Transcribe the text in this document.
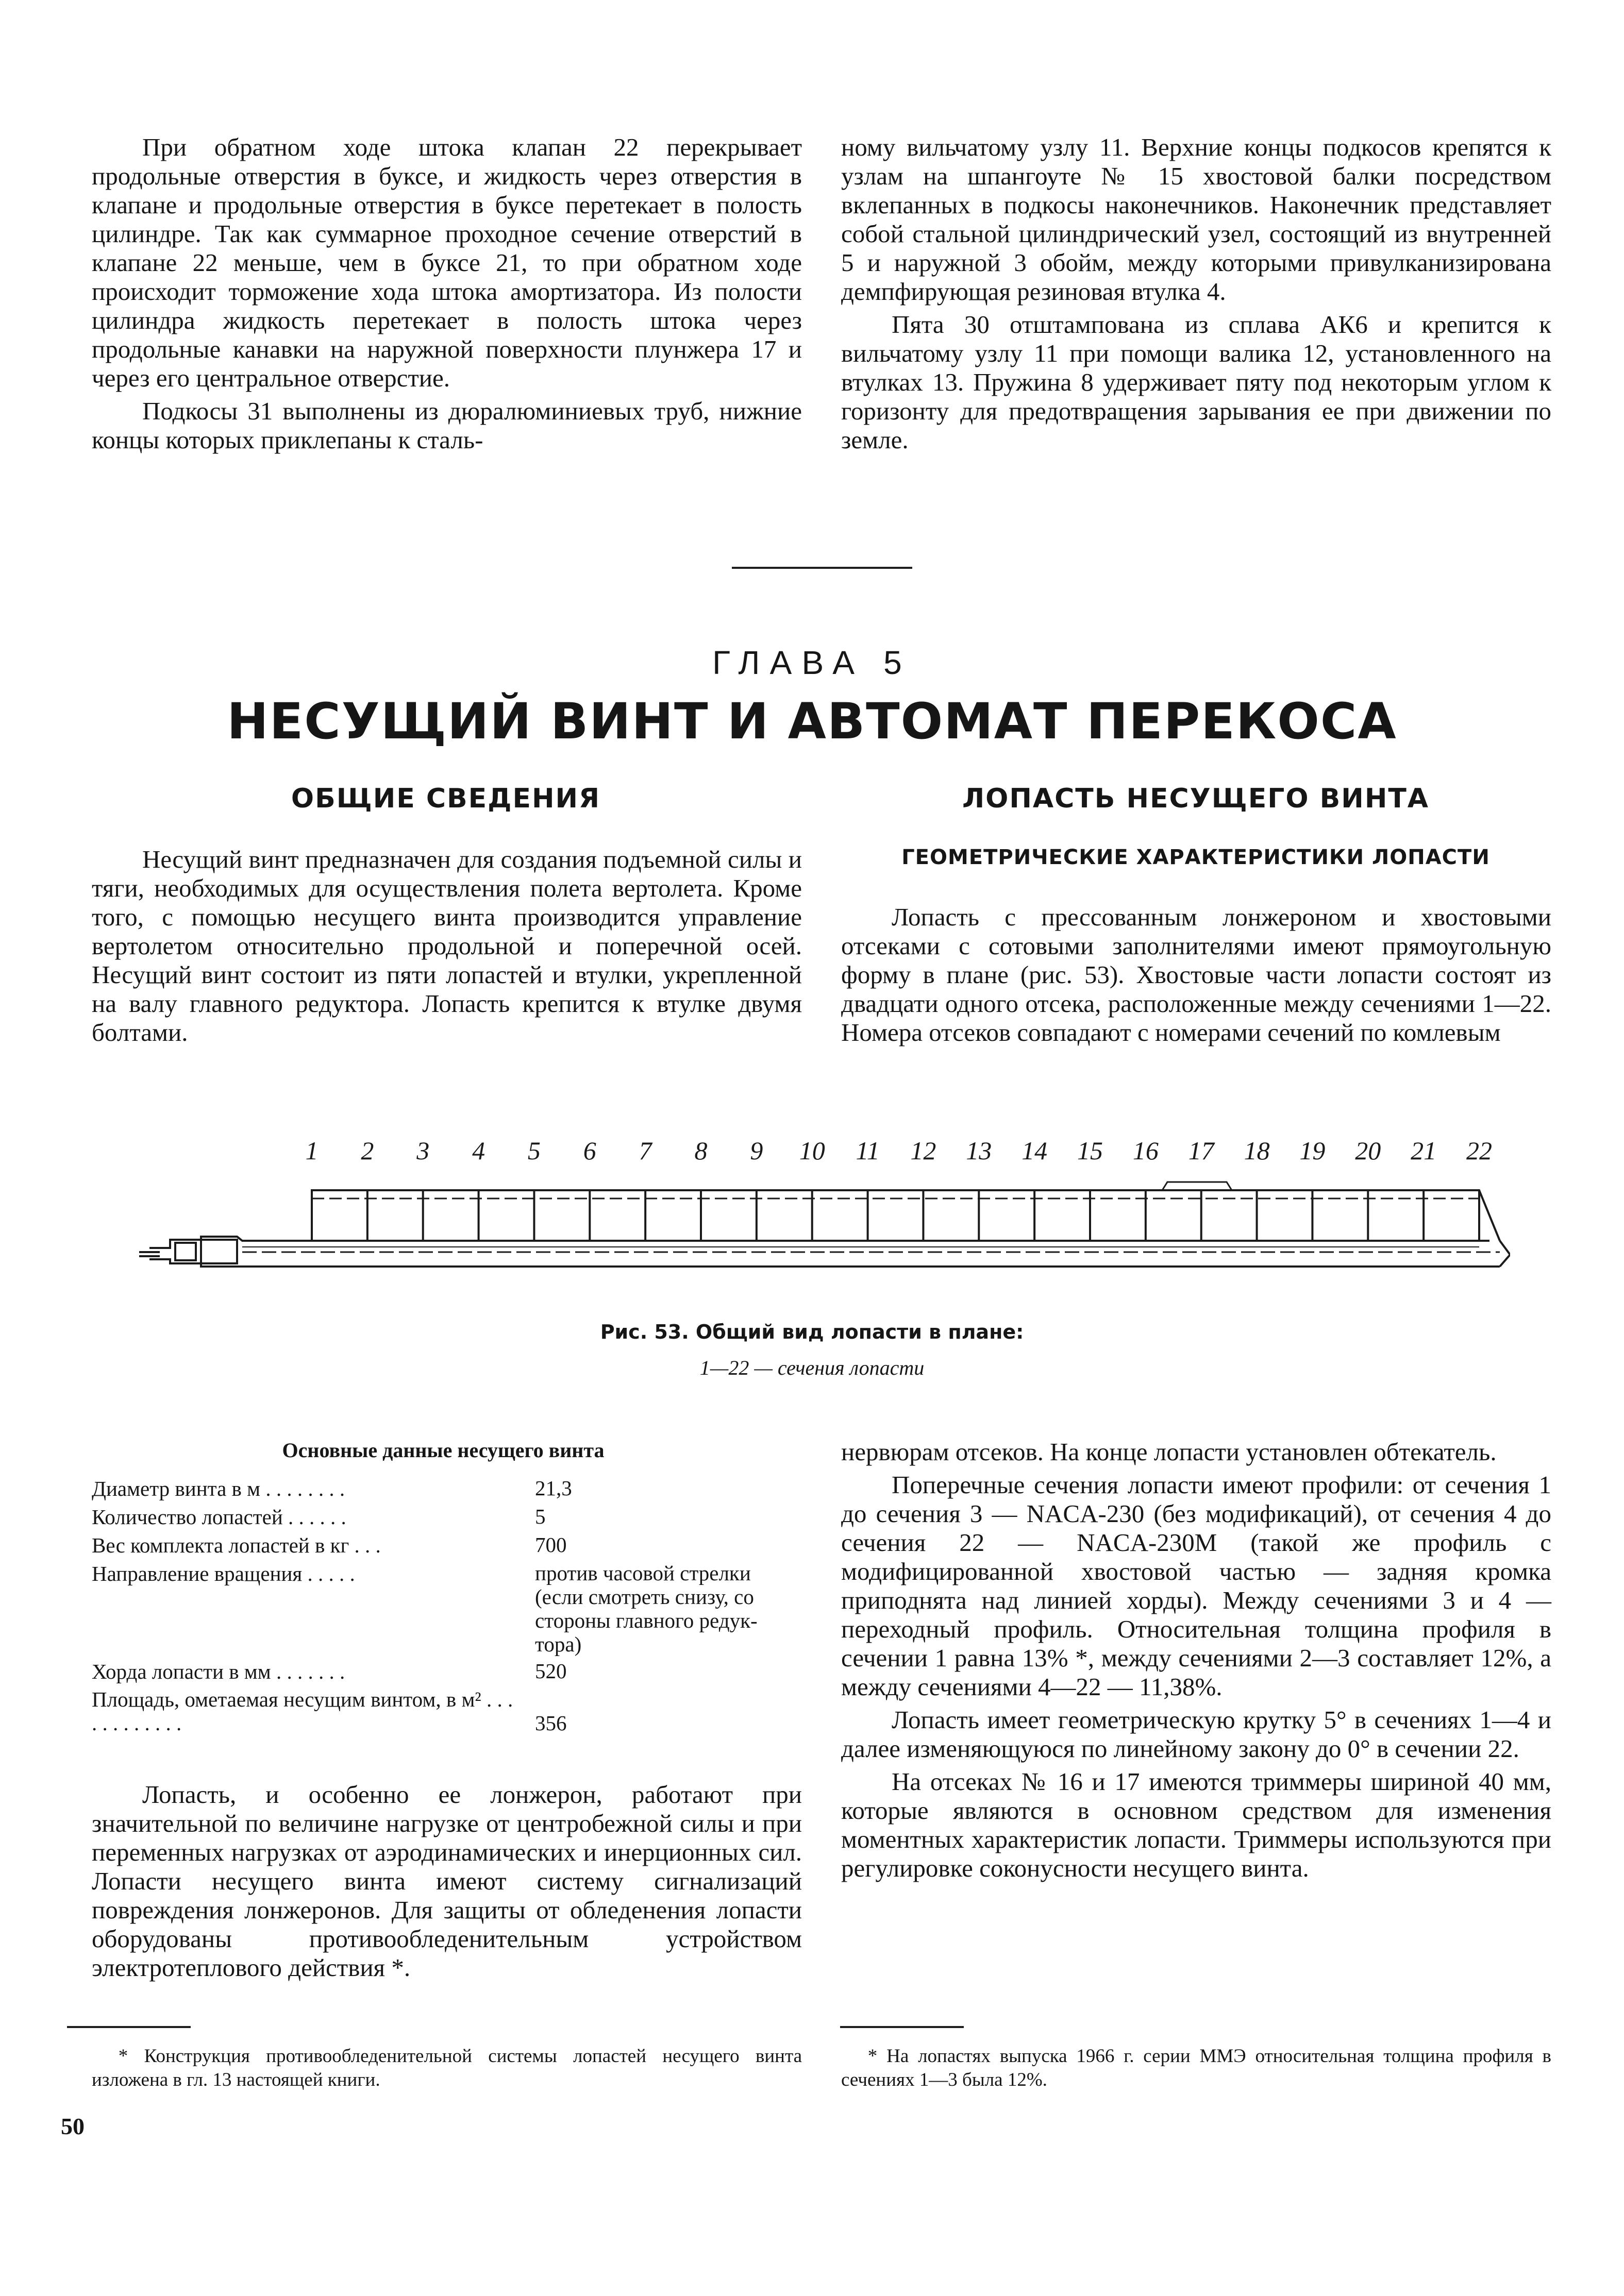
При обратном ходе штока клапан 22 перекрывает продольные отверстия в буксе, и жидкость через отверстия в клапане и продольные отверстия в буксе перетекает в полость цилиндре. Так как суммарное проходное сечение отверстий в клапане 22 меньше, чем в буксе 21, то при обратном ходе происходит торможение хода штока амортизатора. Из полости цилиндра жидкость перетекает в полость штока через продольные канавки на наружной поверхности плунжера 17 и через его центральное отверстие.

Подкосы 31 выполнены из дюралюминиевых труб, нижние концы которых приклепаны к сталь-

ному вильчатому узлу 11. Верхние концы подкосов крепятся к узлам на шпангоуте № 15 хвостовой балки посредством вклепанных в подкосы наконечников. Наконечник представляет собой стальной цилиндрический узел, состоящий из внутренней 5 и наружной 3 обойм, между которыми привулканизирована демпфирующая резиновая втулка 4.

Пята 30 отштампована из сплава АК6 и крепится к вильчатому узлу 11 при помощи валика 12, установленного на втулках 13. Пружина 8 удерживает пяту под некоторым углом к горизонту для предотвращения зарывания ее при движении по земле.

ГЛАВА 5
НЕСУЩИЙ ВИНТ И АВТОМАТ ПЕРЕКОСА
ОБЩИЕ СВЕДЕНИЯ	ЛОПАСТЬ НЕСУЩЕГО ВИНТА
ГЕОМЕТРИЧЕСКИЕ ХАРАКТЕРИСТИКИ ЛОПАСТИ

Несущий винт предназначен для создания подъемной силы и тяги, необходимых для осуществления полета вертолета. Кроме того, с помощью несущего винта производится управление вертолетом относительно продольной и поперечной осей. Несущий винт состоит из пяти лопастей и втулки, укрепленной на валу главного редуктора. Лопасть крепится к втулке двумя болтами.

Лопасть с прессованным лонжероном и хвостовыми отсеками с сотовыми заполнителями имеют прямоугольную форму в плане (рис. 53). Хвостовые части лопасти состоят из двадцати одного отсека, расположенные между сечениями 1—22. Номера отсеков совпадают с номерами сечений по комлевым

1 2 3 4 5 6 7 8 9 10 11 12 13 14 15 16 17 18 19 20 21 22
Рис. 53. Общий вид лопасти в плане:
1—22 — сечения лопасти
Основные данные несущего винта
Диаметр винта в м . . . . . . . .	21,3
Количество лопастей . . . . . .	5
Вес комплекта лопастей в кг . . .	700
Направление вращения . . . . .	против часовой стрелки
(если смотреть снизу, со
стороны главного редук-
тора)
Хорда лопасти в мм . . . . . . .	520
Площадь, ометаемая несущим винтом, в м² . . . . . . . . . . . .	356

Лопасть, и особенно ее лонжерон, работают при значительной по величине нагрузке от центробежной силы и при переменных нагрузках от аэродинамических и инерционных сил. Лопасти несущего винта имеют систему сигнализаций повреждения лонжеронов. Для защиты от обледенения лопасти оборудованы противообледенительным устройством электротеплового действия *.

нервюрам отсеков. На конце лопасти установлен обтекатель.

Поперечные сечения лопасти имеют профили: от сечения 1 до сечения 3 — NACA-230 (без модификаций), от сечения 4 до сечения 22 — NACA-230M (такой же профиль с модифицированной хвостовой частью — задняя кромка приподнята над линией хорды). Между сечениями 3 и 4 — переходный профиль. Относительная толщина профиля в сечении 1 равна 13% *, между сечениями 2—3 составляет 12%, а между сечениями 4—22 — 11,38%.

Лопасть имеет геометрическую крутку 5° в сечениях 1—4 и далее изменяющуюся по линейному закону до 0° в сечении 22.

На отсеках № 16 и 17 имеются триммеры шириной 40 мм, которые являются в основном средством для изменения моментных характеристик лопасти. Триммеры используются при регулировке соконусности несущего винта.

* Конструкция противообледенительной системы лопастей несущего винта изложена в гл. 13 настоящей книги.

* На лопастях выпуска 1966 г. серии ММЭ относительная толщина профиля в сечениях 1—3 была 12%.

50
